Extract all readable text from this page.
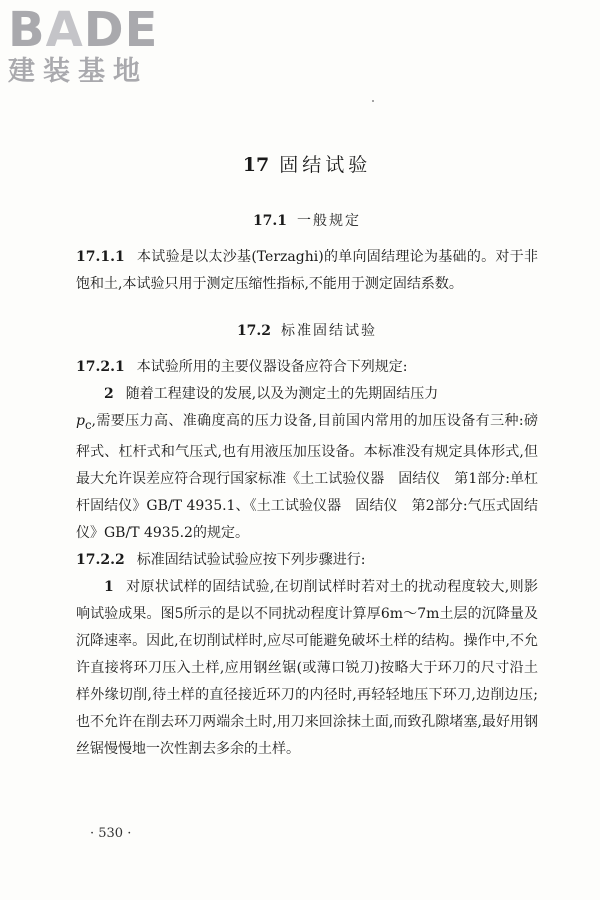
BADE
建装基地
17 固结试验
17.1 一般规定

17.1.1 本试验是以太沙基(Terzaghi)的单向固结理论为基础的。对于非饱和土,本试验只用于测定压缩性指标,不能用于测定固结系数。

17.2 标准固结试验

17.2.1 本试验所用的主要仪器设备应符合下列规定:

2 随着工程建设的发展,以及为测定土的先期固结压力
$p_c$,需要压力高、准确度高的压力设备,目前国内常用的加压设备有三种:磅秤式、杠杆式和气压式,也有用液压加压设备。本标准没有规定具体形式,但最大允许误差应符合现行国家标准《土工试验仪器　固结仪　第1部分:单杠杆固结仪》GB/T 4935.1、《土工试验仪器　固结仪　第2部分:气压式固结仪》GB/T 4935.2的规定。

17.2.2 标准固结试验试验应按下列步骤进行:

1 对原状试样的固结试验,在切削试样时若对土的扰动程度较大,则影响试验成果。图5所示的是以不同扰动程度计算厚6m～7m土层的沉降量及沉降速率。因此,在切削试样时,应尽可能避免破坏土样的结构。操作中,不允许直接将环刀压入土样,应用钢丝锯(或薄口锐刀)按略大于环刀的尺寸沿土样外缘切削,待土样的直径接近环刀的内径时,再轻轻地压下环刀,边削边压;也不允许在削去环刀两端余土时,用刀来回涂抹土面,而致孔隙堵塞,最好用钢丝锯慢慢地一次性割去多余的土样。

· 530 ·
